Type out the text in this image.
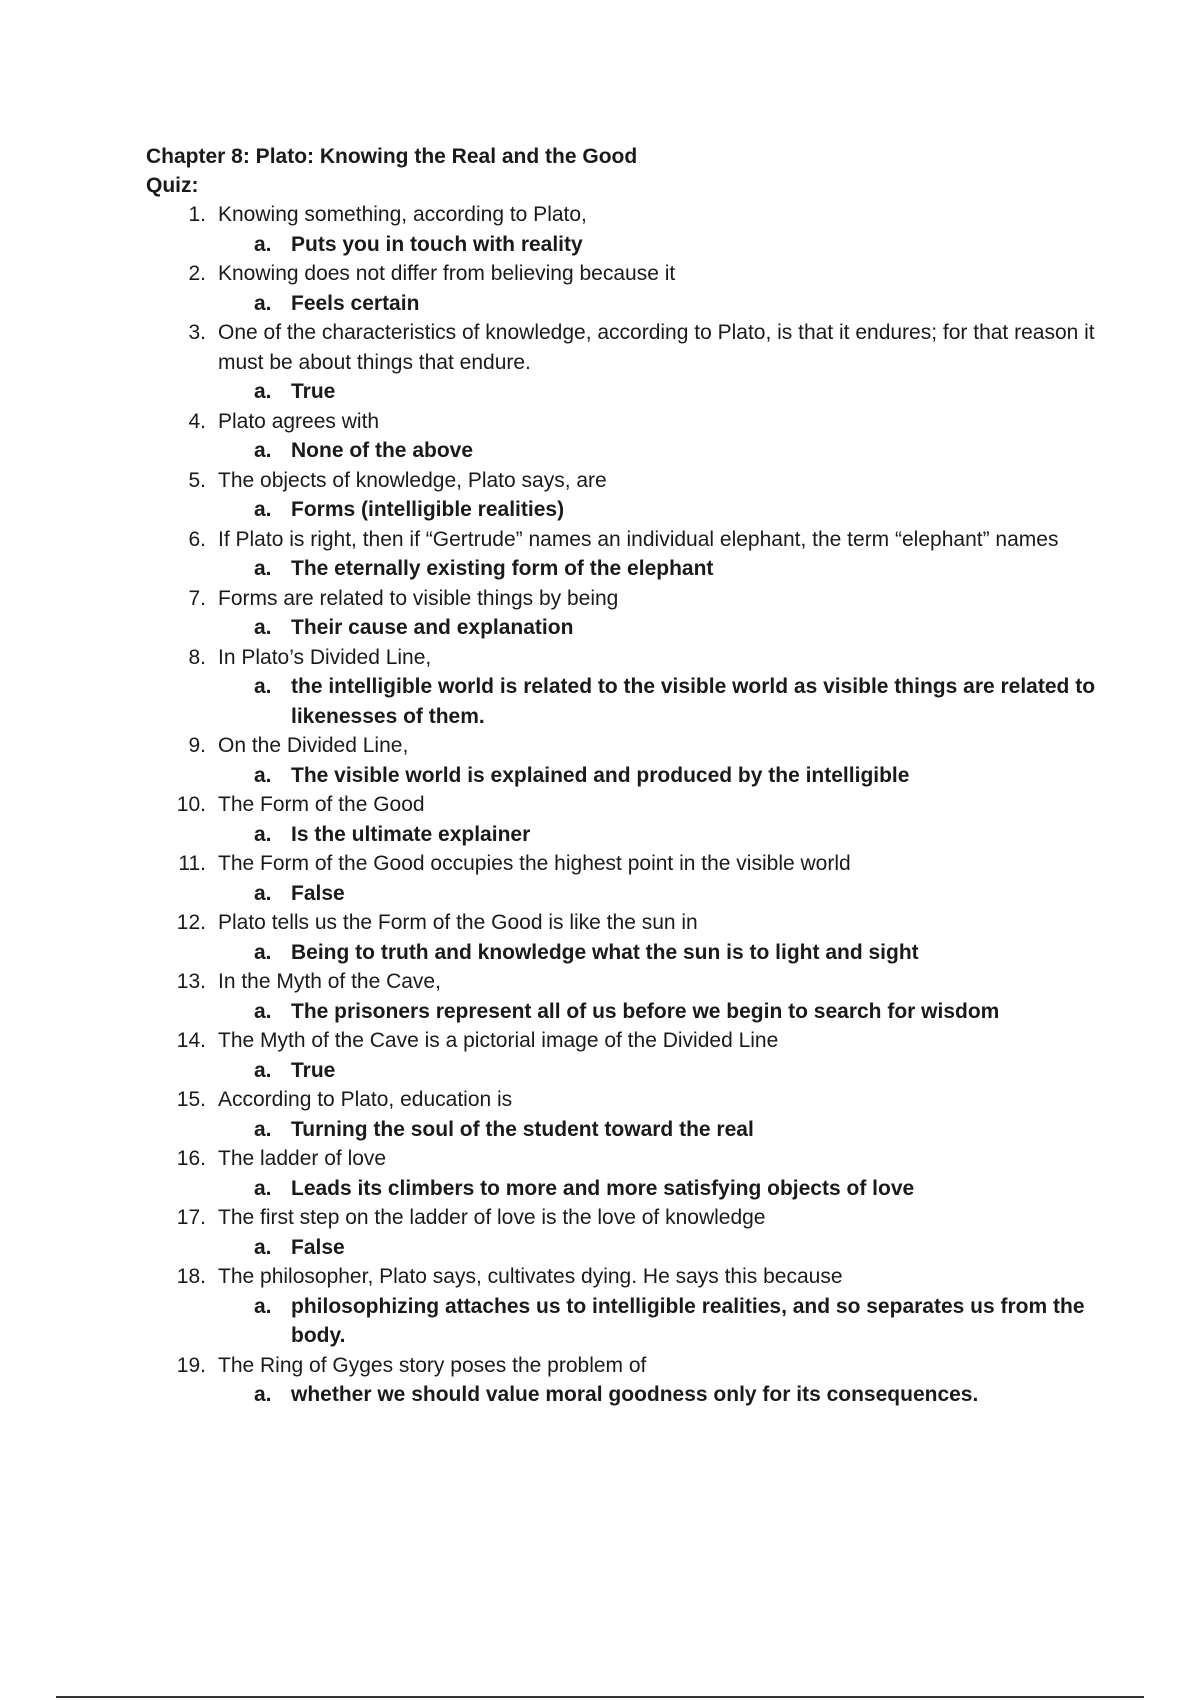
Chapter 8: Plato: Knowing the Real and the Good
Quiz:
1. Knowing something, according to Plato,
a. Puts you in touch with reality
2. Knowing does not differ from believing because it
a. Feels certain
3. One of the characteristics of knowledge, according to Plato, is that it endures; for that reason it must be about things that endure.
a. True
4. Plato agrees with
a. None of the above
5. The objects of knowledge, Plato says, are
a. Forms (intelligible realities)
6. If Plato is right, then if “Gertrude” names an individual elephant, the term “elephant” names
a. The eternally existing form of the elephant
7. Forms are related to visible things by being
a. Their cause and explanation
8. In Plato’s Divided Line,
a. the intelligible world is related to the visible world as visible things are related to likenesses of them.
9. On the Divided Line,
a. The visible world is explained and produced by the intelligible
10. The Form of the Good
a. Is the ultimate explainer
11. The Form of the Good occupies the highest point in the visible world
a. False
12. Plato tells us the Form of the Good is like the sun in
a. Being to truth and knowledge what the sun is to light and sight
13. In the Myth of the Cave,
a. The prisoners represent all of us before we begin to search for wisdom
14. The Myth of the Cave is a pictorial image of the Divided Line
a. True
15. According to Plato, education is
a. Turning the soul of the student toward the real
16. The ladder of love
a. Leads its climbers to more and more satisfying objects of love
17. The first step on the ladder of love is the love of knowledge
a. False
18. The philosopher, Plato says, cultivates dying. He says this because
a. philosophizing attaches us to intelligible realities, and so separates us from the body.
19. The Ring of Gyges story poses the problem of
a. whether we should value moral goodness only for its consequences.
